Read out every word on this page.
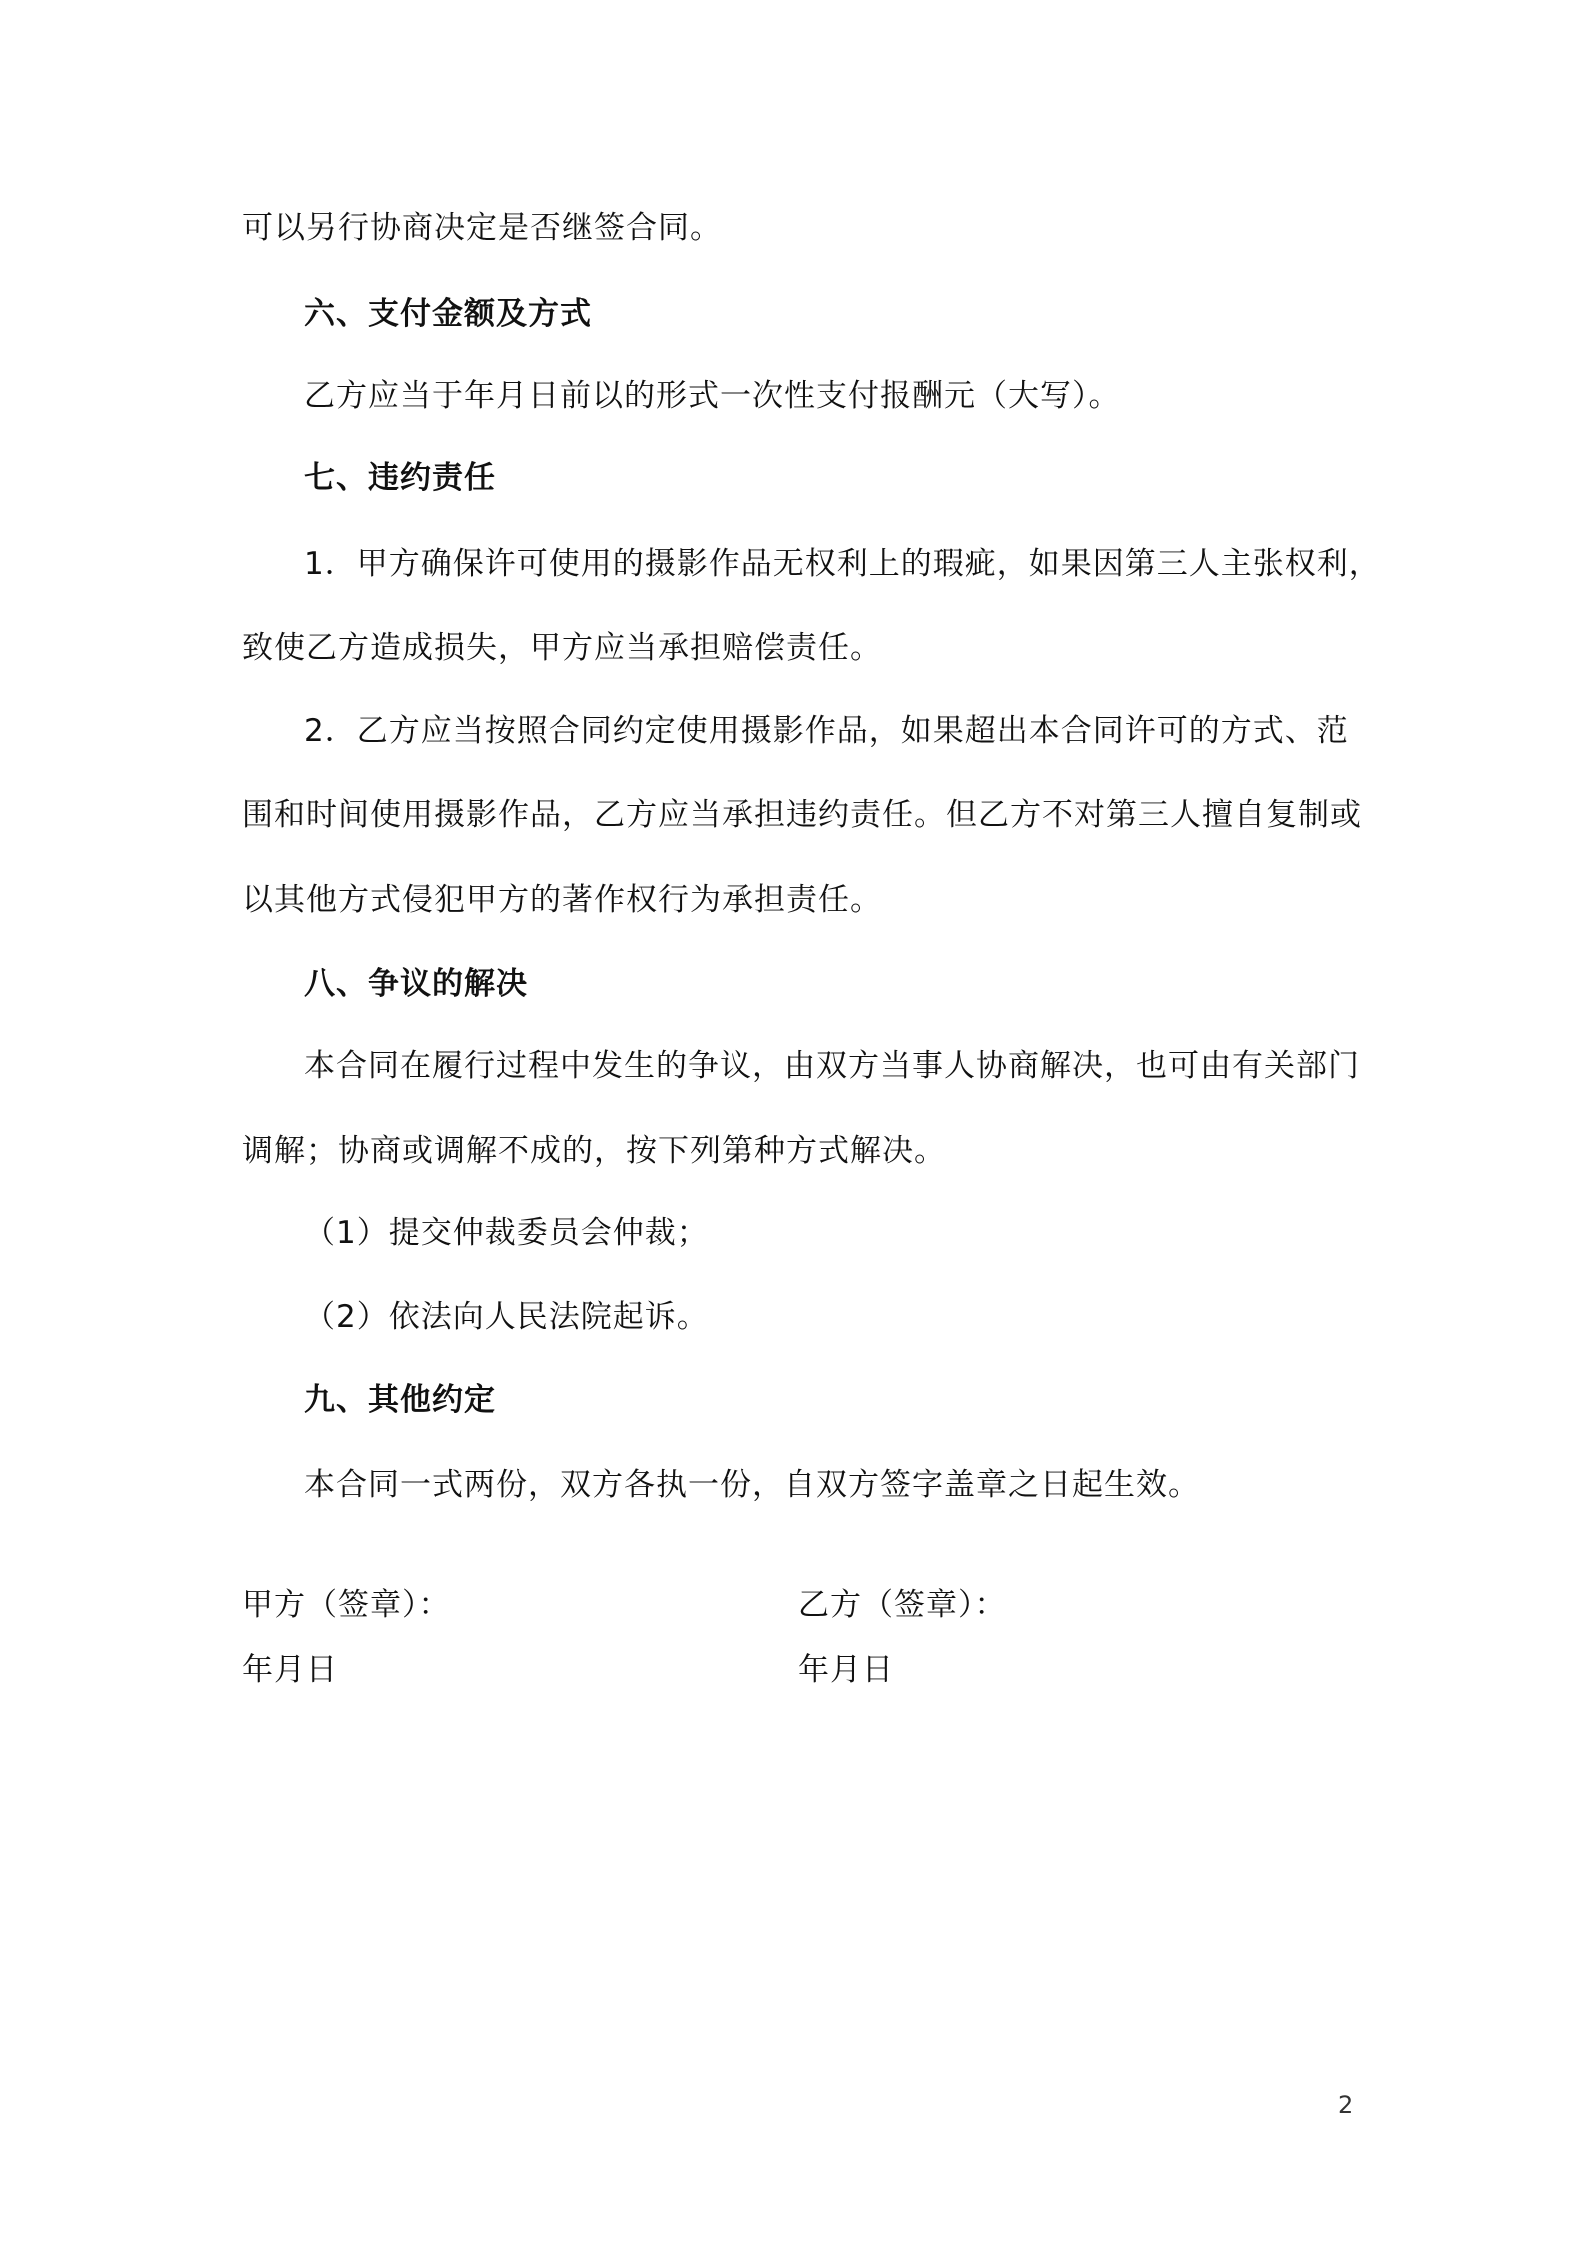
可以另行协商决定是否继签合同。
六、支付金额及方式
乙方应当于年月日前以的形式一次性支付报酬元（大写）。
七、违约责任
1．甲方确保许可使用的摄影作品无权利上的瑕疵，如果因第三人主张权利，
致使乙方造成损失，甲方应当承担赔偿责任。
2．乙方应当按照合同约定使用摄影作品，如果超出本合同许可的方式、范
围和时间使用摄影作品，乙方应当承担违约责任。但乙方不对第三人擅自复制或
以其他方式侵犯甲方的著作权行为承担责任。
八、争议的解决
本合同在履行过程中发生的争议，由双方当事人协商解决，也可由有关部门
调解；协商或调解不成的，按下列第种方式解决。
（1）提交仲裁委员会仲裁；
（2）依法向人民法院起诉。
九、其他约定
本合同一式两份，双方各执一份，自双方签字盖章之日起生效。
甲方（签章）：	乙方（签章）：
年月日	年月日
2
